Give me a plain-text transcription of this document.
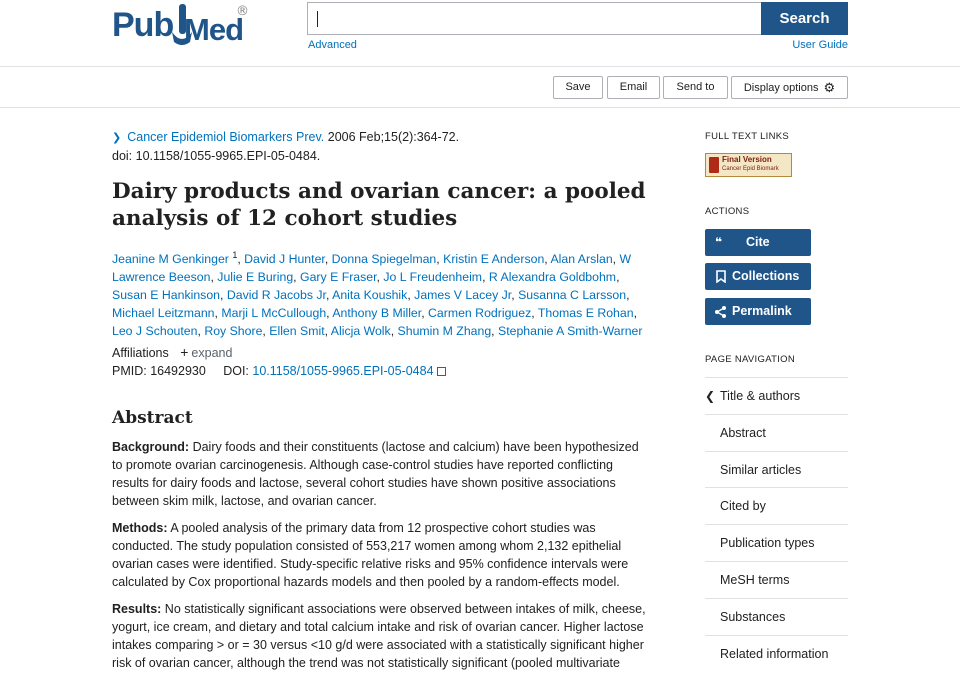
Pub Med
®	Search
Advanced	User Guide
Save	Email	Send to	Display options ⚙
❯ Cancer Epidemiol Biomarkers Prev. 2006 Feb;15(2):364-72.
doi: 10.1158/1055-9965.EPI-05-0484.
Dairy products and ovarian cancer: a pooled analysis of 12 cohort studies
Jeanine M Genkinger $^1$, David J Hunter, Donna Spiegelman, Kristin E Anderson, Alan Arslan, W Lawrence Beeson, Julie E Buring, Gary E Fraser, Jo L Freudenheim, R Alexandra Goldbohm, Susan E Hankinson, David R Jacobs Jr, Anita Koushik, James V Lacey Jr, Susanna C Larsson, Michael Leitzmann, Marji L McCullough, Anthony B Miller, Carmen Rodriguez, Thomas E Rohan, Leo J Schouten, Roy Shore, Ellen Smit, Alicja Wolk, Shumin M Zhang, Stephanie A Smith-Warner
Affiliations + expand
PMID: 16492930 DOI: 10.1158/1055-9965.EPI-05-0484
Abstract

Background: Dairy foods and their constituents (lactose and calcium) have been hypothesized to promote ovarian carcinogenesis. Although case-control studies have reported conflicting results for dairy foods and lactose, several cohort studies have shown positive associations between skim milk, lactose, and ovarian cancer.

Methods: A pooled analysis of the primary data from 12 prospective cohort studies was conducted. The study population consisted of 553,217 women among whom 2,132 epithelial ovarian cases were identified. Study-specific relative risks and 95% confidence intervals were calculated by Cox proportional hazards models and then pooled by a random-effects model.

Results: No statistically significant associations were observed between intakes of milk, cheese, yogurt, ice cream, and dietary and total calcium intake and risk of ovarian cancer. Higher lactose intakes comparing > or = 30 versus <10 g/d were associated with a statistically significant higher risk of ovarian cancer, although the trend was not statistically significant (pooled multivariate

FULL TEXT LINKS
Final Version
Cancer Epid Biomark
ACTIONS
❝ Cite
Collections
Permalink
PAGE NAVIGATION
❮ Title & authors
Abstract
Similar articles
Cited by
Publication types
MeSH terms
Substances
Related information
